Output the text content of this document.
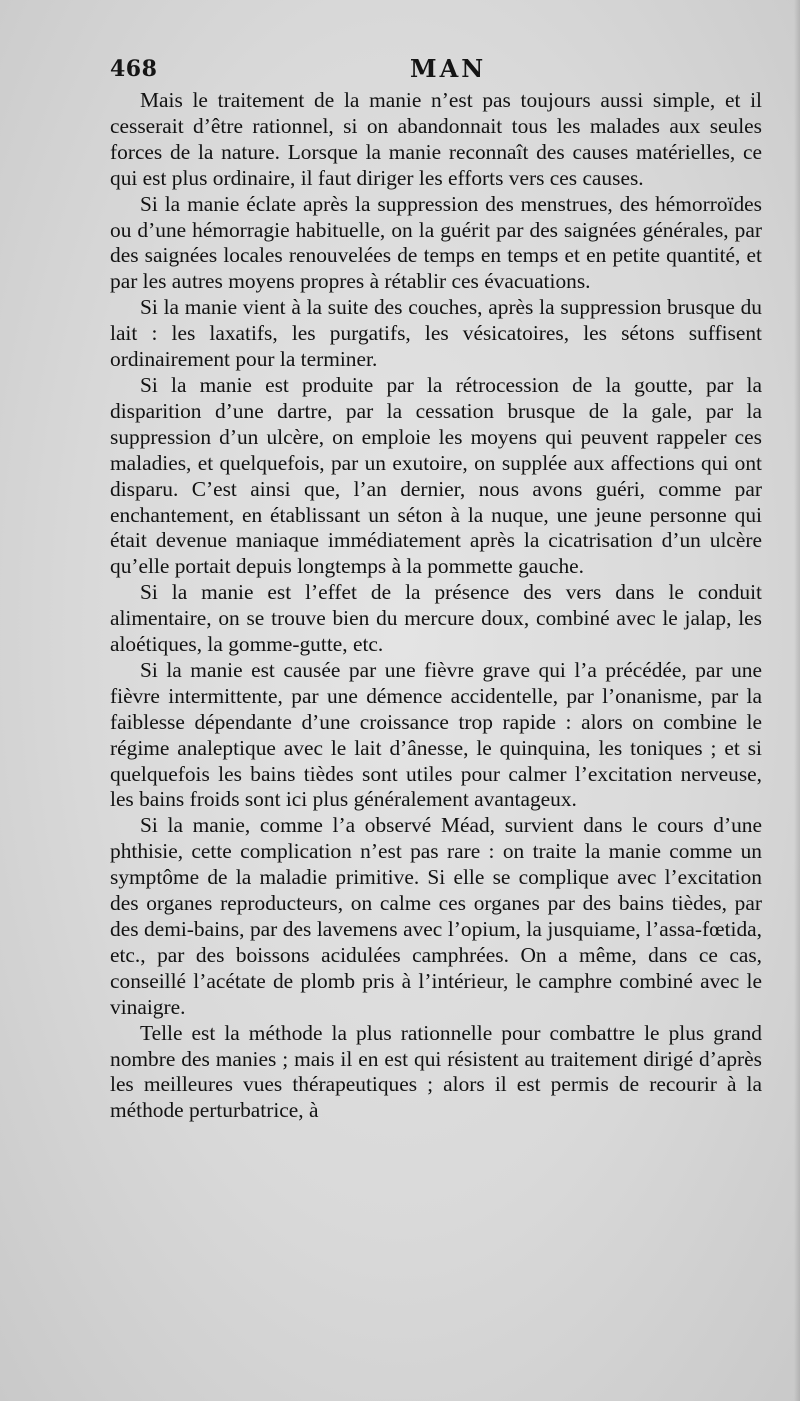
468	MAN

Mais le traitement de la manie n’est pas toujours aussi simple, et il cesserait d’être rationnel, si on abandonnait tous les malades aux seules forces de la nature. Lorsque la manie reconnaît des causes matérielles, ce qui est plus ordinaire, il faut diriger les efforts vers ces causes.

Si la manie éclate après la suppression des menstrues, des hémorroïdes ou d’une hémorragie habituelle, on la guérit par des saignées générales, par des saignées locales renouvelées de temps en temps et en petite quantité, et par les autres moyens propres à rétablir ces évacuations.

Si la manie vient à la suite des couches, après la suppression brusque du lait : les laxatifs, les purgatifs, les vésicatoires, les sétons suffisent ordinairement pour la terminer.

Si la manie est produite par la rétrocession de la goutte, par la disparition d’une dartre, par la cessation brusque de la gale, par la suppression d’un ulcère, on emploie les moyens qui peuvent rappeler ces maladies, et quelquefois, par un exutoire, on supplée aux affections qui ont disparu. C’est ainsi que, l’an dernier, nous avons guéri, comme par enchantement, en établissant un séton à la nuque, une jeune personne qui était devenue maniaque immédiatement après la cicatrisation d’un ulcère qu’elle portait depuis longtemps à la pommette gauche.

Si la manie est l’effet de la présence des vers dans le conduit alimentaire, on se trouve bien du mercure doux, combiné avec le jalap, les aloétiques, la gomme-gutte, etc.

Si la manie est causée par une fièvre grave qui l’a précédée, par une fièvre intermittente, par une démence accidentelle, par l’onanisme, par la faiblesse dépendante d’une croissance trop rapide : alors on combine le régime analeptique avec le lait d’ânesse, le quinquina, les toniques ; et si quelquefois les bains tièdes sont utiles pour calmer l’excitation nerveuse, les bains froids sont ici plus généralement avantageux.

Si la manie, comme l’a observé Méad, survient dans le cours d’une phthisie, cette complication n’est pas rare : on traite la manie comme un symptôme de la maladie primitive. Si elle se complique avec l’excitation des organes reproducteurs, on calme ces organes par des bains tièdes, par des demi-bains, par des lavemens avec l’opium, la jusquiame, l’assa-fœtida, etc., par des boissons acidulées camphrées. On a même, dans ce cas, conseillé l’acétate de plomb pris à l’intérieur, le camphre combiné avec le vinaigre.

Telle est la méthode la plus rationnelle pour combattre le plus grand nombre des manies ; mais il en est qui résistent au traitement dirigé d’après les meilleures vues thérapeutiques ; alors il est permis de recourir à la méthode perturbatrice, à
